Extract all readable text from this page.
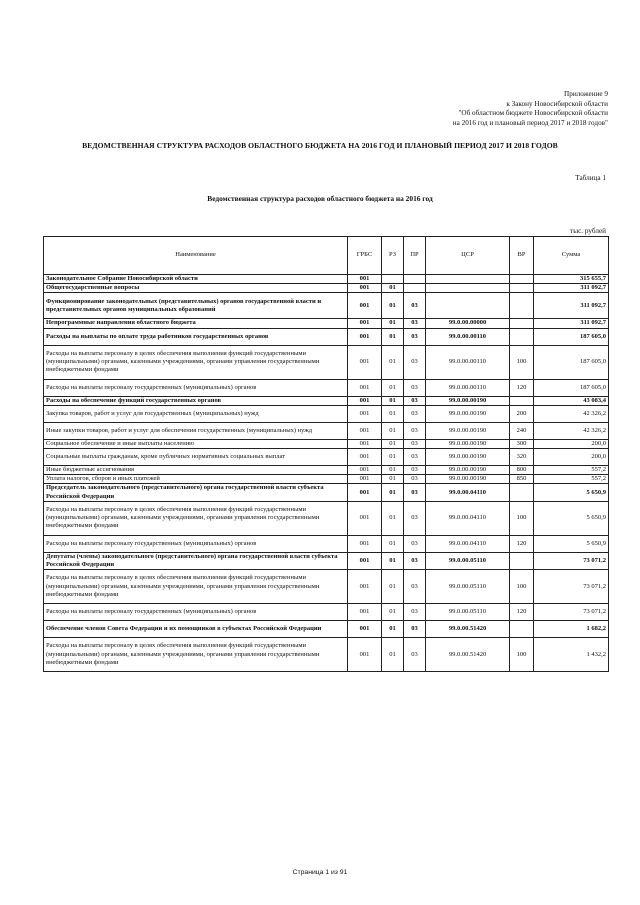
Приложение 9
к Закону Новосибирской области
"Об областном бюджете Новосибирской области
на 2016 год и плановый период 2017 и 2018 годов"
ВЕДОМСТВЕННАЯ СТРУКТУРА РАСХОДОВ ОБЛАСТНОГО БЮДЖЕТА НА 2016 ГОД И ПЛАНОВЫЙ ПЕРИОД 2017 И 2018 ГОДОВ
Таблица 1
Ведомственная структура расходов областного бюджета на 2016 год
тыс. рублей
Наименование	ГРБС	РЗ	ПР	ЦСР	ВР	Сумма
Законодательное Собрание Новосибирской области	001					315 655,7
Общегосударственные вопросы	001	01				311 092,7
Функционирование законодательных (представительных) органов государственной власти и представительных органов муниципальных образований	001	01	03			311 092,7
Непрограммные направления областного бюджета	001	01	03	99.0.00.00000		311 092,7
Расходы на выплаты по оплате труда работников государственных органов	001	01	03	99.0.00.00110		187 605,0
Расходы на выплаты персоналу в целях обеспечения выполнения функций государственными (муниципальными) органами, казенными учреждениями, органами управления государственными внебюджетными фондами	001	01	03	99.0.00.00110	100	187 605,0
Расходы на выплаты персоналу государственных (муниципальных) органов	001	01	03	99.0.00.00110	120	187 605,0
Расходы на обеспечение функций государственных органов	001	01	03	99.0.00.00190		43 083,4
Закупка товаров, работ и услуг для государственных (муниципальных) нужд	001	01	03	99.0.00.00190	200	42 326,2
Иные закупки товаров, работ и услуг для обеспечения государственных (муниципальных) нужд	001	01	03	99.0.00.00190	240	42 326,2
Социальное обеспечение и иные выплаты населению	001	01	03	99.0.00.00190	300	200,0
Социальные выплаты гражданам, кроме публичных нормативных социальных выплат	001	01	03	99.0.00.00190	320	200,0
Иные бюджетные ассигнования	001	01	03	99.0.00.00190	800	557,2
Уплата налогов, сборов и иных платежей	001	01	03	99.0.00.00190	850	557,2
Председатель законодательного (представительного) органа государственной власти субъекта Российской Федерации	001	01	03	99.0.00.04110		5 650,9
Расходы на выплаты персоналу в целях обеспечения выполнения функций государственными (муниципальными) органами, казенными учреждениями, органами управления государственными внебюджетными фондами	001	01	03	99.0.00.04110	100	5 650,9
Расходы на выплаты персоналу государственных (муниципальных) органов	001	01	03	99.0.00.04110	120	5 650,9
Депутаты (члены) законодательного (представительного) органа государственной власти субъекта Российской Федерации	001	01	03	99.0.00.05110		73 071,2
Расходы на выплаты персоналу в целях обеспечения выполнения функций государственными (муниципальными) органами, казенными учреждениями, органами управления государственными внебюджетными фондами	001	01	03	99.0.00.05110	100	73 071,2
Расходы на выплаты персоналу государственных (муниципальных) органов	001	01	03	99.0.00.05110	120	73 071,2
Обеспечение членов Совета Федерации и их помощников в субъектах Российской Федерации	001	01	03	99.0.00.51420		1 682,2
Расходы на выплаты персоналу в целях обеспечения выполнения функций государственными (муниципальными) органами, казенными учреждениями, органами управления государственными внебюджетными фондами	001	01	03	99.0.00.51420	100	1 432,2
Страница 1 из 91
